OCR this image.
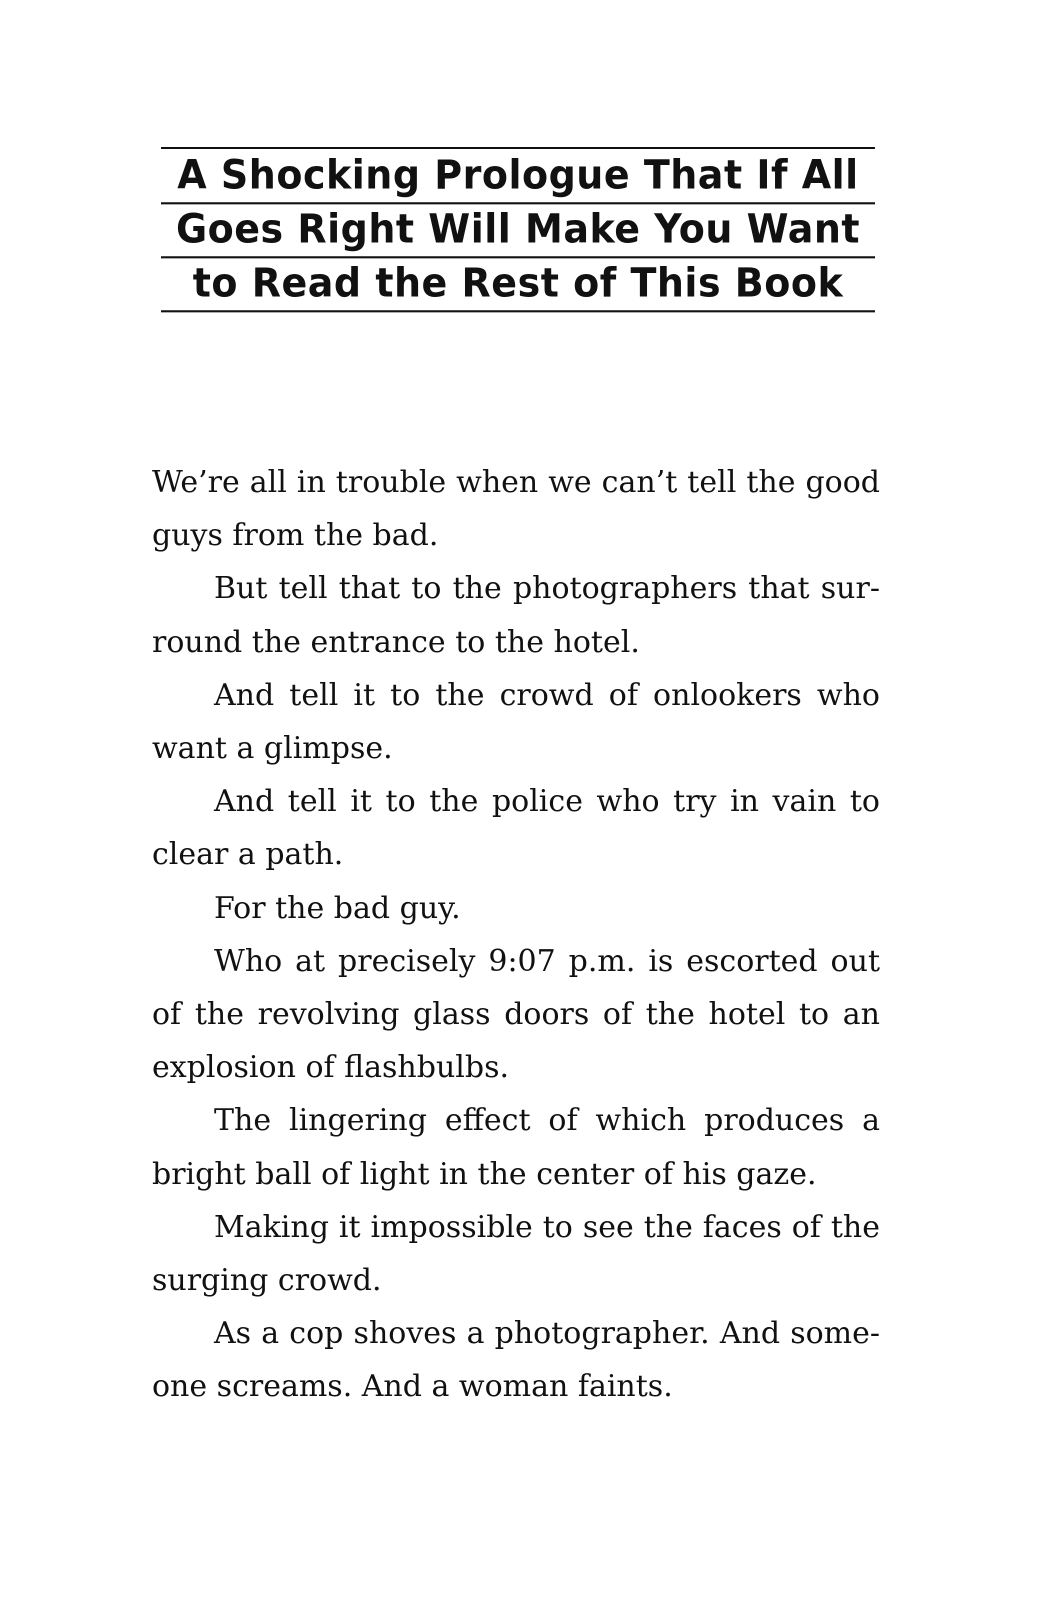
A Shocking Prologue That If All
Goes Right Will Make You Want
to Read the Rest of This Book

We’re all in trouble when we can’t tell the good guys from the bad.

But tell that to the photographers that surround the entrance to the hotel.

And tell it to the crowd of onlookers who want a glimpse.

And tell it to the police who try in vain to clear a path.

For the bad guy.

Who at precisely 9:07 p.m. is escorted out of the revolving glass doors of the hotel to an explosion of flashbulbs.

The lingering effect of which produces a bright ball of light in the center of his gaze.

Making it impossible to see the faces of the surging crowd.

As a cop shoves a photographer. And someone screams. And a woman faints.
